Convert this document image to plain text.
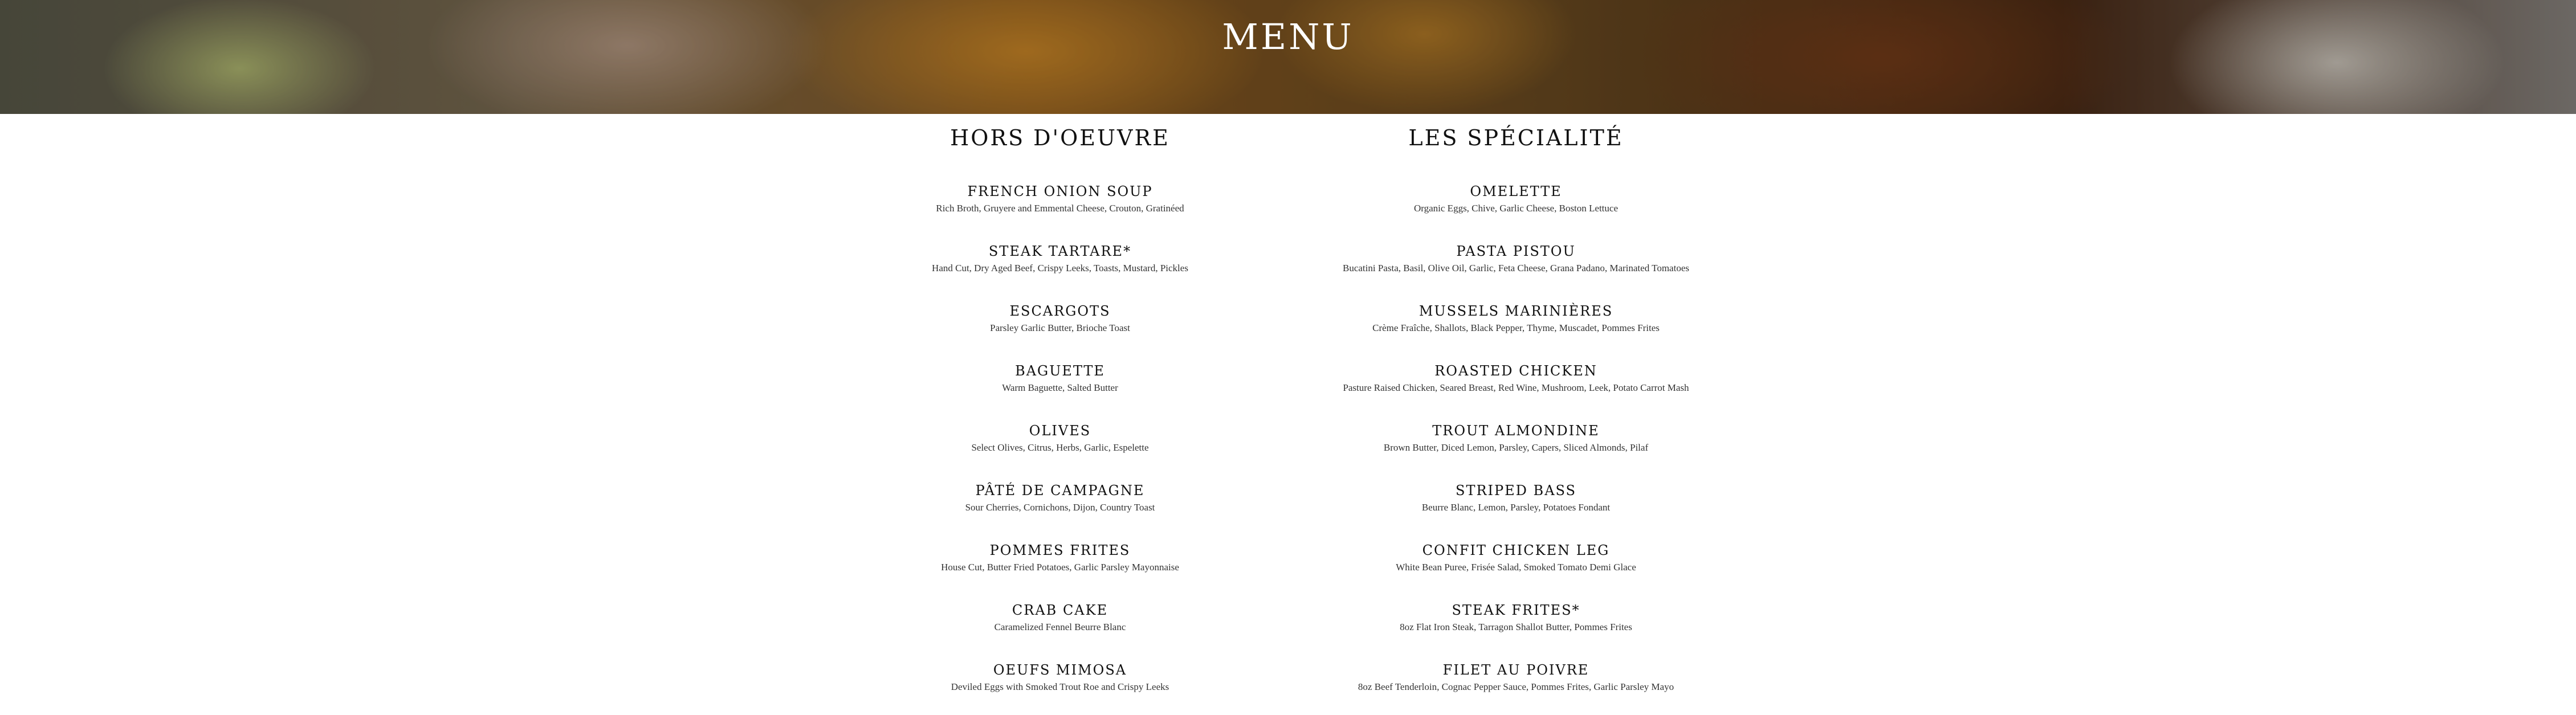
MENU
HORS D'OEUVRE

FRENCH ONION SOUP

Rich Broth, Gruyere and Emmental Cheese, Crouton, Gratinéed

STEAK TARTARE*

Hand Cut, Dry Aged Beef, Crispy Leeks, Toasts, Mustard, Pickles

ESCARGOTS

Parsley Garlic Butter, Brioche Toast

BAGUETTE

Warm Baguette, Salted Butter

OLIVES

Select Olives, Citrus, Herbs, Garlic, Espelette

PÂTÉ DE CAMPAGNE

Sour Cherries, Cornichons, Dijon, Country Toast

POMMES FRITES

House Cut, Butter Fried Potatoes, Garlic Parsley Mayonnaise

CRAB CAKE

Caramelized Fennel Beurre Blanc

OEUFS MIMOSA

Deviled Eggs with Smoked Trout Roe and Crispy Leeks

LES SPÉCIALITÉ

OMELETTE

Organic Eggs, Chive, Garlic Cheese, Boston Lettuce

PASTA PISTOU

Bucatini Pasta, Basil, Olive Oil, Garlic, Feta Cheese, Grana Padano, Marinated Tomatoes

MUSSELS MARINIÈRES

Crème Fraîche, Shallots, Black Pepper, Thyme, Muscadet, Pommes Frites

ROASTED CHICKEN

Pasture Raised Chicken, Seared Breast, Red Wine, Mushroom, Leek, Potato Carrot Mash

TROUT ALMONDINE

Brown Butter, Diced Lemon, Parsley, Capers, Sliced Almonds, Pilaf

STRIPED BASS

Beurre Blanc, Lemon, Parsley, Potatoes Fondant

CONFIT CHICKEN LEG

White Bean Puree, Frisée Salad, Smoked Tomato Demi Glace

STEAK FRITES*

8oz Flat Iron Steak, Tarragon Shallot Butter, Pommes Frites

FILET AU POIVRE

8oz Beef Tenderloin, Cognac Pepper Sauce, Pommes Frites, Garlic Parsley Mayo
